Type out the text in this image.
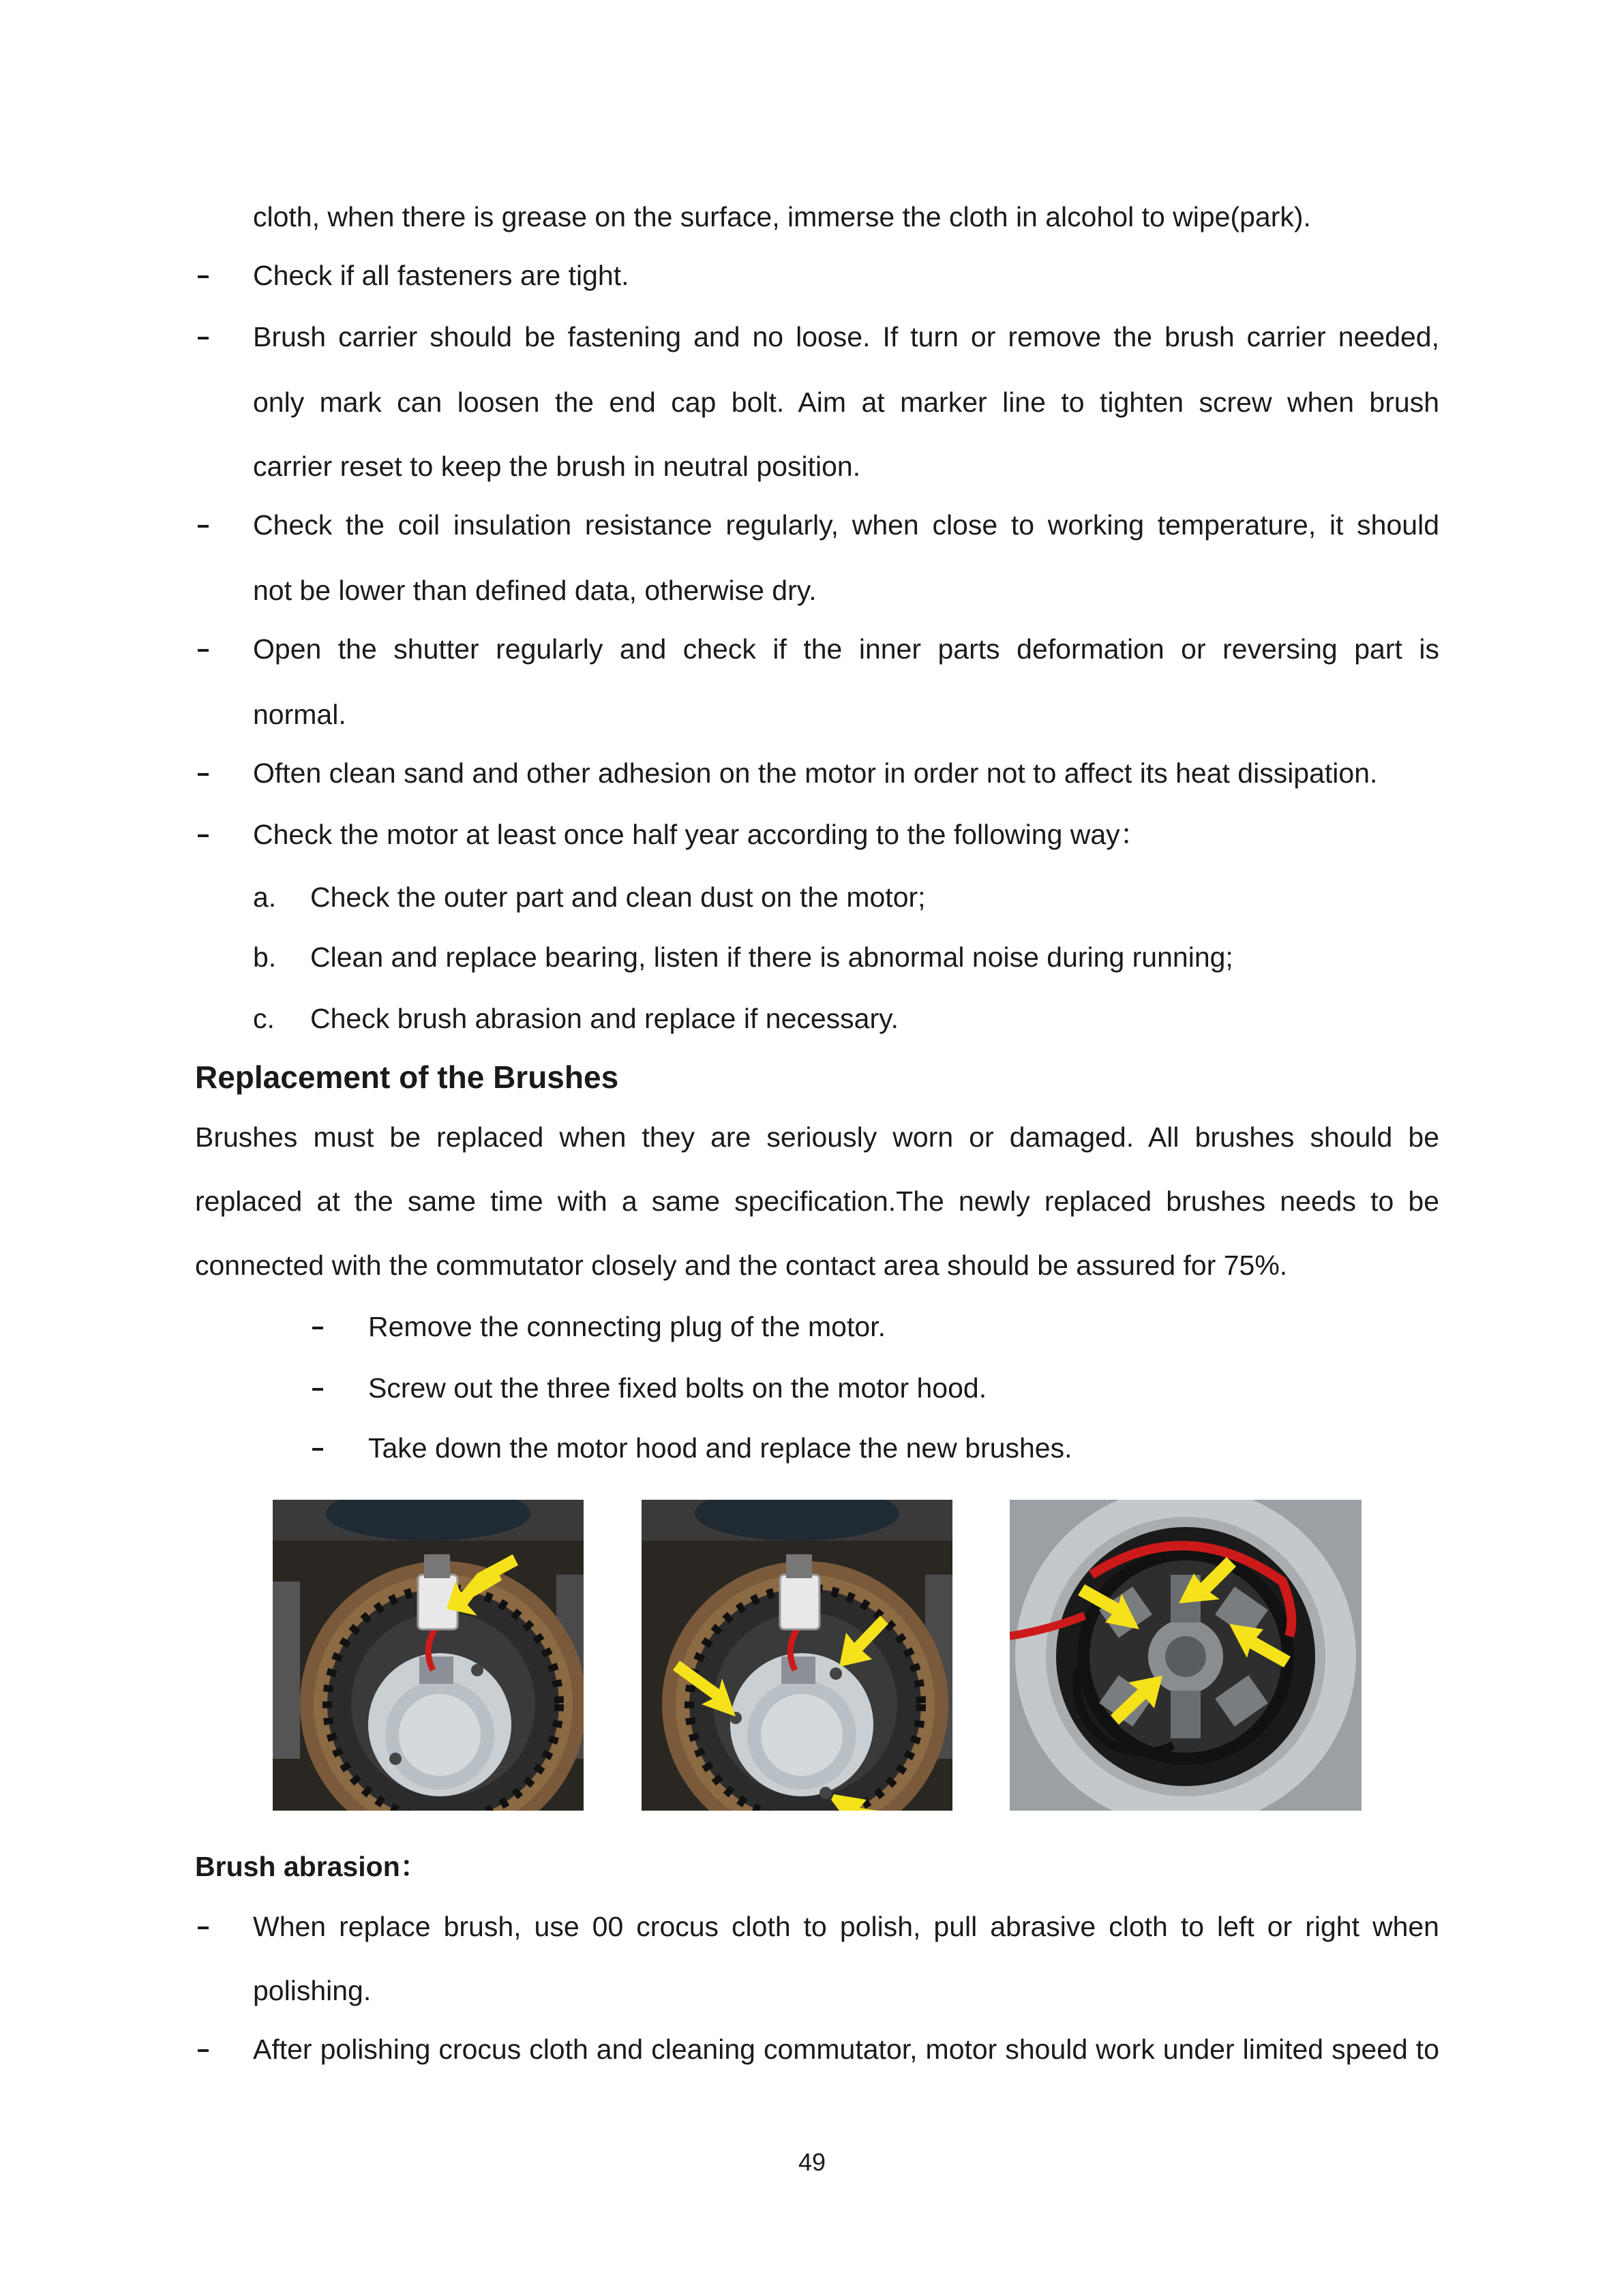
cloth, when there is grease on the surface, immerse the cloth in alcohol to wipe(park).
Check if all fasteners are tight.
Brush carrier should be fastening and no loose. If turn or remove the brush carrier needed,
only mark can loosen the end cap bolt. Aim at marker line to tighten screw when brush
carrier reset to keep the brush in neutral position.
Check the coil insulation resistance regularly, when close to working temperature, it should
not be lower than defined data, otherwise dry.
Open the shutter regularly and check if the inner parts deformation or reversing part is
normal.
Often clean sand and other adhesion on the motor in order not to affect its heat dissipation.
Check the motor at least once half year according to the following way：
a. Check the outer part and clean dust on the motor;
b. Clean and replace bearing, listen if there is abnormal noise during running;
c. Check brush abrasion and replace if necessary.
Replacement of the Brushes
Brushes must be replaced when they are seriously worn or damaged. All brushes should be
replaced at the same time with a same specification.The newly replaced brushes needs to be
connected with the commutator closely and the contact area should be assured for 75%.
Remove the connecting plug of the motor.
Screw out the three fixed bolts on the motor hood.
Take down the motor hood and replace the new brushes.
Brush abrasion：
When replace brush, use 00 crocus cloth to polish, pull abrasive cloth to left or right when
polishing.
After polishing crocus cloth and cleaning commutator, motor should work under limited speed to
49
